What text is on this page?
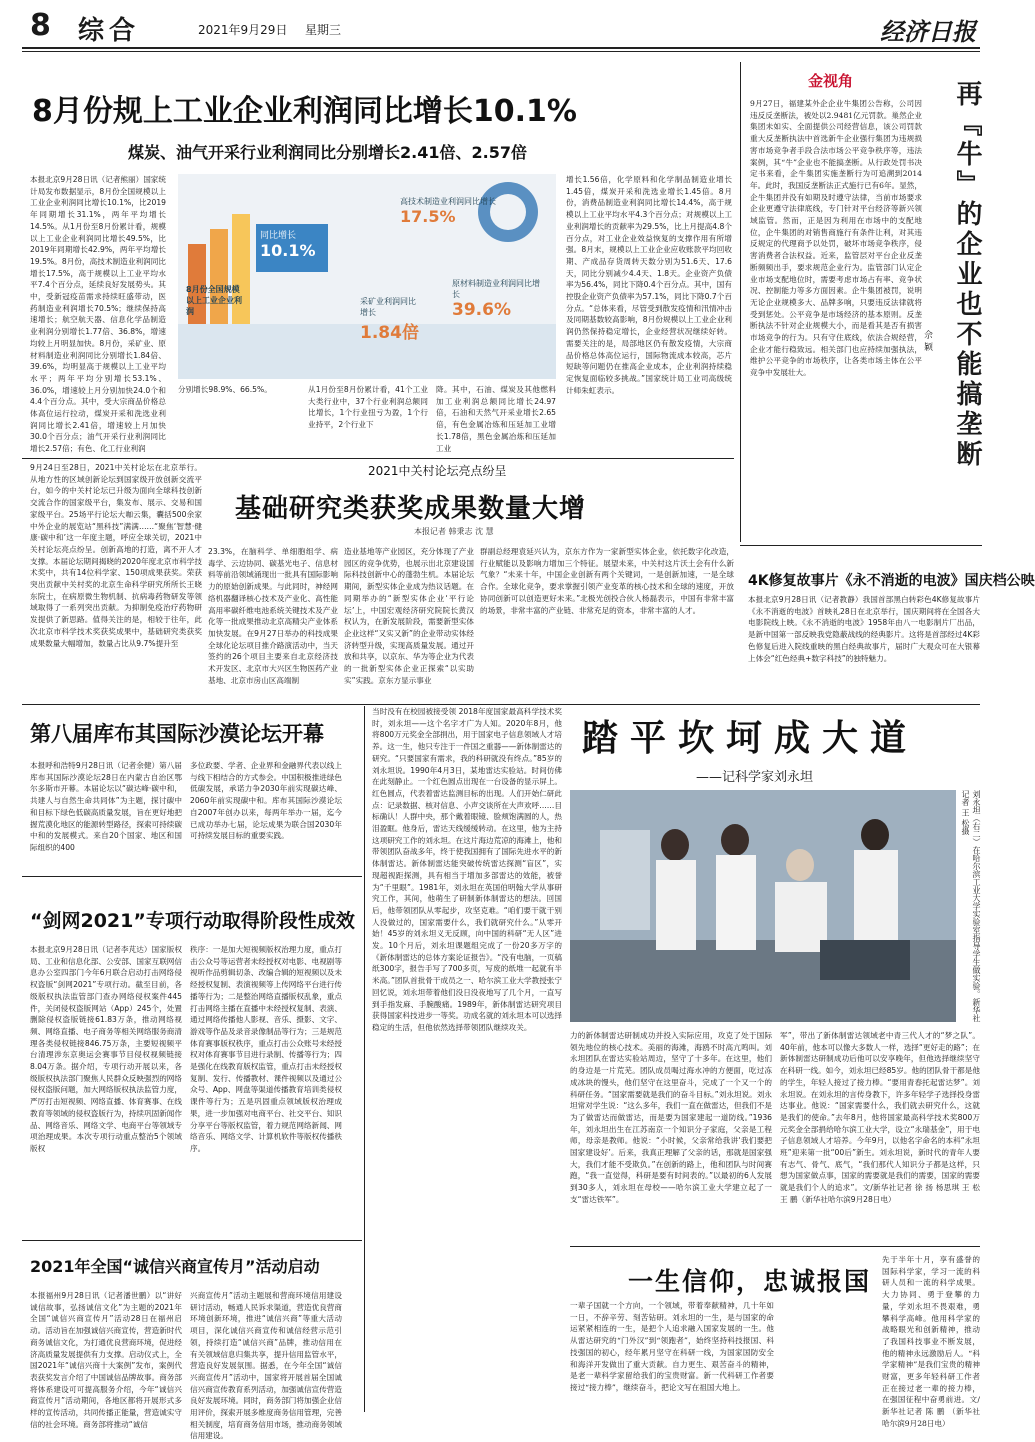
8 综合	2021年9月29日 星期三	经济日报
8月份规上工业企业利润同比增长10.1%
煤炭、油气开采行业利润同比分别增长2.41倍、2.57倍
本报北京9月28日讯（记者熊丽）国家统计局发布数据显示，8月份全国规模以上工业企业利润同比增长10.1%，比2019年同期增长31.1%，两年平均增长14.5%。从1月份至8月份累计看，规模以上工业企业利润同比增长49.5%，比2019年同期增长42.9%，两年平均增长19.5%。8月份，高技术制造业利润同比增长17.5%，高于规模以上工业平均水平7.4个百分点，延续良好发展势头。其中，受新冠疫苗需求持续旺盛带动，医药制造业利润增长70.5%；继续保持高速增长；航空航天器、信息化学品制造业利润分别增长1.77倍、36.8%，增速均较上月明显加快。8月份，采矿业、原材料制造业利润同比分别增长1.84倍、39.6%，均明显高于规模以上工业平均水平；两年平均分别增长53.1%、36.0%，增速较上月分别加快24.0个和4.4个百分点。其中，受大宗商品价格总体高位运行拉动，煤炭开采和洗选业利润同比增长2.41倍，增速较上月加快30.0个百分点；油气开采行业利润同比增长2.57倍；有色、化工行业利润
同比增长
10.1%
8月份全国规模以上工业企业利润
高技术制造业利润同比增长
17.5%
采矿业利润同比增长
1.84倍
原材料制造业利润同比增长
39.6%
分别增长98.9%、66.5%。	从1月份至8月份累计看，41个工业大类行业中，37个行业利润总额同比增长，1个行业扭亏为盈，1个行业持平，2个行业下
降。其中，石油、煤炭及其他燃料加工业利润总额同比增长24.97倍，石油和天然气开采业增长2.65倍，有色金属冶炼和压延加工业增长1.78倍，黑色金属冶炼和压延加工业
增长1.56倍，化学原料和化学制品制造业增长1.45倍，煤炭开采和洗选业增长1.45倍。8月份，消费品制造业利润同比增长14.4%，高于规模以上工业平均水平4.3个百分点；对规模以上工业利润增长的贡献率为29.5%，比上月提高4.8个百分点，对工业企业效益恢复的支撑作用有所增强。8月末，规模以上工业企业应收账款平均回收期、产成品存货周转天数分别为51.6天、17.6天，同比分别减少4.4天、1.8天。企业资产负债率为56.4%，同比下降0.4个百分点。其中，国有控股企业资产负债率为57.1%，同比下降0.7个百分点。“总体来看，尽管受到散发疫情和汛情冲击及同期基数较高影响，8月份规模以上工业企业利润仍然保持稳定增长，企业经营状况继续好转。需要关注的是，局部地区仍有散发疫情，大宗商品价格总体高位运行，国际物流成本较高，芯片短缺等问题仍在推高企业成本，企业利润持续稳定恢复面临较多挑战。”国家统计局工业司高级统计师朱虹表示。
金视角
9月27日，福建某外企企业牛集团公告称，公司因违反反垄断法，被处以2.9481亿元罚款。巢然企业集团未如实、全面提供公司经营信息，该公司罚款重大反垄断执法中首选新牛企业强行集团为违规损害市场竞争者手段合法市场公平竞争秩序等，违法案例，其“牛”企业也不能搞垄断。从行政处罚书决定书来看，企牛集团实施垄断行为可追溯到2014年。此时，我国反垄断法正式施行已有6年。显然，企牛集团并没有如期及时遵守法律，当前市场要求企业更遵守法律底线，专门针对平台经济等新兴领域监管。然而，正是因为利用在市场中的支配地位，企牛集团的对销售商施行有条件让利，对其违反规定的代理商予以处罚，破坏市场竞争秩序，侵害消费者合法权益。近来，监管层对平台企业反垄断频频出手，要求规范企业行为。监管部门认定企业市场支配地位时，需要考虑市场占有率、竞争状况、控制能力等多方面因素。企牛集团被罚，说明无论企业规模多大、品牌多响，只要违反法律就将受到惩处。公平竞争是市场经济的基本原则。反垄断执法不针对企业规模大小，而是看其是否有损害市场竞争的行为。只有守住底线，依法合规经营，企业才能行稳致远。相关部门也应持续加强执法，维护公平竞争的市场秩序，让各类市场主体在公平竞争中发展壮大。
佘 颖 再『牛』的企业也不能搞垄断
9月24日至28日，2021中关村论坛在北京举行。从地方性的区域创新论坛到国家级开放创新交流平台，如今的中关村论坛已升级为面向全球科技创新交流合作的国家级平台，集发布、展示、交易和国家级平台。25场平行论坛大咖云集，囊括500余家中外企业的展览站“黑科技”满满……“聚焦‘智慧·健康·碳中和’这一年度主题，呼应全球关切，2021中关村论坛亮点纷呈。创新高地的打造，离不开人才支撑。本届论坛期间揭晓的2020年度北京市科学技术奖中，共有14位科学家、150项成果获奖。荣获突出贡献中关村奖的北京生命科学研究所所长王晓东院士，在病原微生物机制、抗病毒药物研发等领域取得了一系列突出贡献。为抑制免疫治疗药物研发提供了新思路。值得关注的是，相较于往年，此次北京市科学技术奖获奖成果中，基础研究类获奖成果数量大幅增加，数量占比从9.7%提升至
2021中关村论坛亮点纷呈
基础研究类获奖成果数量大增
本报记者 韩秉志 沈 慧
23.3%，在脑科学、单细胞组学、病毒学、云边协同、碳基光电子、信息材料等前沿领域涌现出一批具有国际影响力的原始创新成果。与此同时，神经网络机器翻译核心技术及产业化、高性能高用率碳纤维电池系统关键技术及产业化等一批成果推动北京高精尖产业体系加快发展。在9月27日举办的科技成果全球化论坛项目推介路演活动中，当天签约的26个项目主要来自北京经济技术开发区、北京市大兴区生物医药产业基地、北京市房山区高端制
造业基地等产业园区，充分体现了产业园区的竞争优势，也展示出北京建设国际科技创新中心的蓬勃生机。本届论坛期间，新型实体企业成为热议话题。在同期举办的“新型实体企业‘平行论坛’上，中国宏观经济研究院院长黄汉权认为，在新发展阶段，需要新型实体企业这样“又实又新”的企业带动实体经济转型升级，实现高质量发展。通过开放和共享，以京东、华为等企业为代表的一批新型实体企业正探索“以实助实”实践。京东方显示事业
群副总经理袁延兴认为，京东方作为一家新型实体企业，依托数字化改造，行业赋能以及影响力增加三个特征。展望未来，中关村这片沃土会有什么新气象？“未来十年，中国企业创新有两个关键词，一是创新加速，一是全球合作。全球化竞争，要求掌握引领产业变革的核心技术和全球的速度，开放协同创新可以创造更好未来。”北极光创投合伙人杨磊表示，中国有非常丰富的场景，非常丰富的产业链、非常充足的资本，非常丰富的人才。
4K修复故事片《永不消逝的电波》国庆档公映
本报北京9月28日讯（记者教静）我国首部黑白转彩色4K修复故事片《永不消逝的电波》首映礼28日在北京举行，国庆期间将在全国各大电影院线上映。《永不消逝的电波》1958年由八一电影制片厂出品，是新中国第一部反映我党隐蔽战线的经典影片。这将是首部经过4K彩色修复后进入院线重映的黑白经典故事片，届时广大观众可在大银幕上体会“红色经典+数字科技”的独特魅力。
第八届库布其国际沙漠论坛开幕
本报呼和浩特9月28日讯（记者余健）第八届库布其国际沙漠论坛28日在内蒙古自治区鄂尔多斯市开幕。本届论坛以“碳达峰·碳中和，共建人与自然生命共同体”为主题，探讨碳中和目标下绿色低碳高质量发展，旨在更好地把握荒漠化地区的能源转型路径，探索可持续碳中和的发展模式。来自20个国家、地区和国际组织的400
多位政要、学者、企业界和金融界代表以线上与线下相结合的方式参会。中国积极推进绿色低碳发展，承诺力争2030年前实现碳达峰、2060年前实现碳中和。库布其国际沙漠论坛自2007年创办以来，每两年举办一届，迄今已成功举办七届，论坛成果为联合国2030年可持续发展目标的重要实践。
“剑网2021”专项行动取得阶段性成效
本报北京9月28日讯（记者李芃达）国家版权局、工业和信息化部、公安部、国家互联网信息办公室四部门今年6月联合启动打击网络侵权盗版“剑网2021”专项行动。截至目前，各级版权执法监管部门查办网络侵权案件445件，关闭侵权盗版网站（App）245个，处置删除侵权盗版链接61.83万条，推动网络视频、网络直播、电子商务等相关网络服务商清理各类侵权链接846.75万条，主要短视频平台清理涉东京奥运会赛事节目侵权视频链接8.04万条。据介绍，专项行动开展以来，各级版权执法部门聚焦人民群众反映强烈的网络侵权盗版问题，加大网络版权执法监管力度，严厉打击短视频、网络直播、体育赛事、在线教育等领域的侵权盗版行为，持续巩固新闻作品、网络音乐、网络文学、电商平台等领域专项治理成果。本次专项行动重点整治5个领域版权
秩序：一是加大短视频版权治理力度，重点打击公众号等运营者未经授权对电影、电视剧等视听作品剪辑切条、改编合辑的短视频以及未经授权复制、表演视频等上传网络平台进行传播等行为；二是整治网络直播版权乱象，重点打击网络主播在直播中未经授权复制、表演、通过网络传播他人影视、音乐、摄影、文字、游戏等作品及录音录像制品等行为；三是规范体育赛事版权秩序，重点打击公众账号未经授权对体育赛事节目进行录制、传播等行为；四是强化在线教育版权监管，重点打击未经授权复制、发行、传播教材、课件视频以及通过公众号、App、网盘等渠道传播教育培训类侵权课件等行为；五是巩固重点领域版权治理成果，进一步加强对电商平台、社交平台、知识分享平台等版权监管，着力规范网络新闻、网络音乐、网络文学、计算机软件等版权传播秩序。
2021年全国“诚信兴商宣传月”活动启动
本报福州9月28日讯（记者潘世鹏）以“讲好诚信故事，弘扬诚信文化”为主题的2021年全国“诚信兴商宣传月”活动28日在福州启动。活动旨在加强诚信兴商宣传，营造新时代商务诚信文化，为打通优良营商环境，促进经济高质量发展提供有力支撑。启动仪式上，全国2021年“诚信兴商十大案例”发布，案例代表获奖发言介绍了中国诚信品牌故事。商务部将体系建设可可提高服务介绍，今年“诚信兴商宣传月”活动期间，各地区都将开展形式多样的宣传活动，共同传播正能量，营造诚实守信的社会环境。商务部将推动“诚信
兴商宣传月”活动主题展和营商环境信用建设研讨活动，畅通人民诉求渠道，营造优良营商环境创新环境，推进“诚信兴商”等重大活动项目，深化诚信兴商宣传和诚信经营示范引领，持续打造“诚信兴商”品牌，推动信用在有关领域信息归集共享，提升信用监管水平，营造良好发展氛围。据悉，在今年全国“诚信兴商宣传月”活动中，国家将开展首届全国诚信兴商宣传教育系列活动，加强诚信宣传营造良好发展环境。同时，商务部门将加强企业信用评价，探索开展多维度商务信用管理，完善相关制度，培育商务信用市场，推动商务领域信用建设。
当时没有在校园被接受领 2018年度国家最高科学技术奖时，刘永坦——这个名字才广为人知。2020年8月，他将800万元奖金全部捐出，用于国家电子信息领域人才培养。这一生，他只专注于一件国之重器——新体制雷达的研究。“只要国家有需求，我的科研就没有终点。”85岁的刘永坦说。1990年4月3日，某地雷达实验站。时间仿佛在此刻静止。一个红色圆点出现在一台设备的显示屏上。红色圆点，代表着雷达监测目标的出现。人们开始仁研此点：记录数据、核对信息、小声交谈所在大声欢呼……目标确认！人群中央，那个戴着眼镜、脸颊饱满圆的人，热泪盈眶。他身后，雷达天线缓缓转动。在这里，他为主持这项研究工作的刘永坦。在这片海边荒凉的海滩上，他和带领团队奋战多年，终于使我国拥有了国际先进水平的新体制雷达。新体制雷达能突破传统雷达探测“盲区”，实现超视距探测，具有相当于增加多部雷达的效能，被誉为“千里眼”。1981年，刘永坦在英国伯明翰大学从事研究工作，其间，他萌生了研制新体制雷达的想法。回国后，他带领团队从零起步，攻坚克难。“咱们要干就干别人没做过的，国家需要什么，我们就研究什么。”从零开始！45岁的刘永坦义无反顾，向中国的科研“无人区”进发。10个月后，刘永坦课题组完成了一份20多万字的《新体制雷达的总体方案论证报告》。“没有电脑，一页稿纸300字，报告手写了700多页，写废的纸堆一起就有半米高。”团队首批骨干成员之一、哈尔滨工业大学教授张宁回忆说，刘永坦带着他们没日没夜地写了几个月，一直写到手指发麻、手腕酸痛。1989年，新体制雷达研究项目获得国家科技进步一等奖。功成名就的刘永坦本可以选择稳定的生活，但他依然选择带领团队继续攻关。
踏平坎坷成大道
——记科学家刘永坦
刘永坦（右二）在哈尔滨工业大学实验室指导学生做实验。新华社记者 王 松摄
力的新体制雷达研制成功并投入实际应用，攻克了处于国际领先地位的核心技术。美丽的海滩，海鸥不时高亢鸣叫。刘永坦团队在雷达实验站周边，坚守了十多年。在这里，他们的身边是一片荒芜。团队成员喝过海水冲的方便面，吃过冻成冰块的馒头，他们坚守在这里奋斗，完成了一个又一个的科研任务。“国家需要就是我们的奋斗目标。”刘永坦说。刘永坦常对学生说：“这么多年，我们一直在做雷达，但我们不是为了做雷达而做雷达，而是要为国家建起一道防线。”1936年，刘永坦出生在江苏南京一个知识分子家庭，父亲是工程师，母亲是教师。他说：“小时候，父亲常给我讲‘我们要把国家建设好’。后来，我真正理解了父亲的话，那就是国家强大，我们才能不受欺负。”在创新的路上，他和团队与时间赛跑，“我一直觉得，科研是要有时间表的。”以最初的6人发展到30多人，刘永坦在母校——哈尔滨工业大学建立起了一支“雷达铁军”。
军”，带出了新体制雷达领域老中青三代人才的“梦之队”。40年前，他本可以像大多数人一样，选择“更好走的路”；在新体制雷达研制成功后他可以安享晚年，但他选择继续坚守在科研一线。如今，刘永坦已经85岁。他的团队骨干都是他的学生，年轻人接过了接力棒。“要用青春托起雷达梦”。刘永坦说。在刘永坦的言传身教下，许多年轻学子选择投身雷达事业。他说：“国家需要什么，我们就去研究什么，这就是我们的使命。”去年8月，他将国家最高科学技术奖800万元奖金全部捐给哈尔滨工业大学，设立“永瑞基金”，用于电子信息领域人才培养。今年9月，以他名字命名的本科“永坦班”迎来第一批“00后”新生。刘永坦说，新时代的青年人要有志气、骨气、底气，“我们那代人知识分子都是这样，只想为国家做点事，国家的需要就是我们的需要，国家的需要就是我们个人的追求”。文/新华社记者 徐 扬 杨思琪 王 松 王 鹏（新华社哈尔滨9月28日电）
一生信仰，忠诚报国
一辈子国就一个方向，一个领域，带着奉献精神，几十年如一日，不辞辛劳、刻苦钻研。刘永坦的一生，是与国家的命运紧紧相连的一生，是把个人追求融入国家发展的一生。他从雷达研究的“门外汉”到“领跑者”，始终坚持科技报国、科技强国的初心，经年累月坚守在科研一线，为国家国防安全和海洋开发做出了重大贡献。自力更生、艰苦奋斗的精神，是老一辈科学家留给我们的宝贵财富。新一代科研工作者要接过“接力棒”，继续奋斗，把论文写在祖国大地上。
先于半年十月，享有盛誉的国际科学家，学习一流的科研人员和一流的科学成果。大力协同、勇于登攀的力量，学刘永坦不畏艰难，勇攀科学高峰。他用科学家的战略眼光和创新精神，推动了我国科技事业不断发展，他的精神永远激励后人。“科学家精神”是我们宝贵的精神财富，更多年轻科研工作者正在接过老一辈的接力棒，在强国征程中奋勇前进。文/新华社记者 陈 鹏 （新华社哈尔滨9月28日电）
